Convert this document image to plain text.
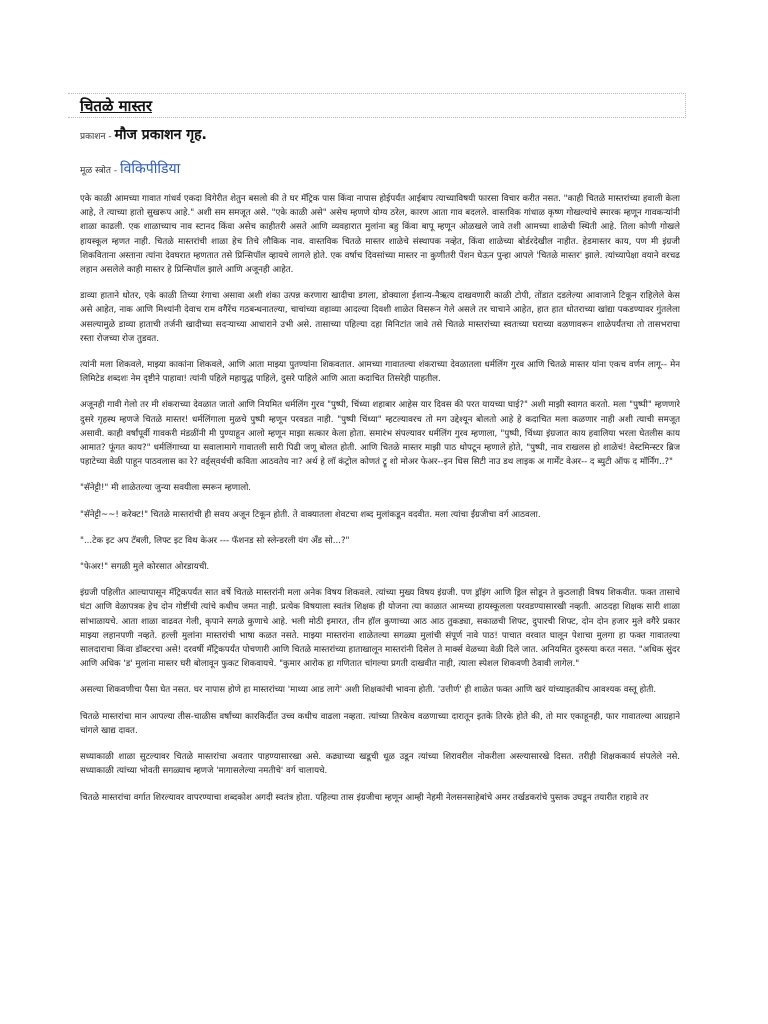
चितळे मास्तर
प्रकाशन - मौज प्रकाशन गृह.
मूळ स्त्रोत - विकिपीडिया

एके काळी आमच्या गावात गांधर्व एकदा विगेरीत शेतुन बसलो की ते घर मॅट्रिक पास किंवा नापास होईपर्यंत आईबाप त्याच्याविषयी फारसा विचार करीत नसत. "काही चितळे मास्तरांच्या हवाली केला आहे, ते त्याच्या हातो सुखरूप आहे." अशी सम समजूत असे. "एके काळी असे" असेच म्हणणे योग्य ठरेल, कारण आता गाव बदलले. वास्तविक गांधाळ कृष्ण गोखल्यांचे स्मारक म्हणून गावकर्‍यांनी शाळा काढली. एक शाळाच्याच नाव स्टानद किंवा असेच काहीतरी असते आणि व्यवहारात मुलांना बहु किंवा बापू म्हणून ओळखले जावे तशी आमच्या शाळेची स्थिती आहे. तिला कोणी गोखले हायस्कूल म्हणत नाही. चितळे मास्तरांची शाळा हेच तिचे लौकिक नाव. वास्तविक चितळे मास्तर शाळेचे संस्थापक नव्हेत, किंवा शाळेच्या बोर्डरदेखील नाहीत. हेडमास्तर काय, पण मी इंग्रजी शिकविताना अस्ताना त्यांना देवघरात म्हणतात तसे प्रिन्सिपॉल व्हायचे लागले होते. एक वर्षाच दिवसांच्या मास्तर ना कुणीतरी पेंशन घेऊन पुन्हा आपले 'चितळे मास्तर' झाले. त्यांच्यापेक्षा वयाने वरचढ लहान असलेले काही मास्तर हे प्रिन्सिपॉल झाले आणि अजूनही आहेत.

डाव्या हाताने धोतर, एके काळी तिच्या रंगाचा असावा अशी शंका उत्पन्न करणारा खादीचा डगला, डोक्याला ईशान्य-नैऋत्य दाखवणारी काळी टोपी, तोंडात दडलेल्या आवाजाने टिकून राहिलेले केस असे आहेत, नाक आणि मिश्यांनी देवाच राम वगैरेंच गठबन्धनातल्या, चाचांच्या वहाव्या आदल्या दिवशी शाळेत विसरून गेले असले तर चाचाने आहेत, हात हात धोतराच्या खांद्या पकडण्यावर गुंतलेला असल्यामुळे डाव्या हाताची तर्जनी खादीच्या सदऱ्याच्या आधाराने उभी असे. तासाच्या पहिल्या दहा मिनिटांत जावे तसे चितळे मास्तरांच्या स्वतःच्या घराच्या वळणावरून शाळेपर्यंतचा तो तासभराचा रस्ता रोजच्या रोज तुडवत.

त्यांनी मला शिकवले, माझ्या काकांना शिकवले, आणि आता माझ्या पुतण्यांना शिकवतात. आमच्या गावातल्या शंकराच्या देवळातला धर्मलिंग गुरव आणि चितळे मास्तर यांना एकच वर्णन लागू-- मेन लिमिटेड शब्दशः नेम दृष्टीने पाहावा! त्यांनी पहिले महायुद्ध पाहिले, दुसरे पाहिले आणि आता कदाचित तिसरेही पाहतील.

अजूनही गावी गेलो तर मी शंकराच्या देवळात जातो आणि नियमित धर्मलिंग गुरव "पुष्पी, चिंध्या शहाबार आहेस यार दिवस की परत यायच्या घाई?" अशी माझी स्वागत करतो. मला "पुष्पी" म्हणणारे दुसरे गृहस्थ म्हणजे चितळे मास्तर! धर्मलिंगाला मुळचे पुष्पी म्हणून परवडत नाही. "पुष्पी चिंध्या" म्हटल्यावरच तो मग उद्देश्यून बोलतो आहे हे कदाचित मला कळणार नाही अशी त्याची समजूत असावी. काही वर्षांपूर्वी गावकरी मंडळींनी मी पुण्याहून आलो म्हणून माझा सत्कार केला होता. समारंभ संपल्यावर धर्मलिंग गुरव म्हणाला, "पुष्पी, चिंध्या इंग्रजात काय हवालिया भरला घेतलीस काय आमात? फूंगत काय?" धर्मलिंगाच्या या सवालामागे गावातली सारी पिढी जणू बोलत होती. आणि चितळे मास्तर माझी पाठ थोपटून म्हणाले होते, "पुष्पी, नाव राखलस हो शाळेचं! वेस्टमिन्स्टर ब्रिज पहाटेच्या वेळी पाहून पाठवलास का रे? वर्ड्‌स्‌वर्थची कविता आठवतेय ना? अर्थ हे लॉ कंट्रोल कोणतं ट्रू शो मोअर फेअर--इन धिस सिटी नाउ डथ लाइक अ गार्मेंट वेअर-- द ब्युटी ऑफ द मॉर्निंग..?"

"सॅनेट्टी!" मी शाळेतल्या जुन्या सवयीला स्मरून म्हणालो.

"सॅनेट्टी~~! करेक्ट!" चितळे मास्तरांची ही सवय अजून टिकून होती. ते वाक्यातला शेवटचा शब्द मुलांकडून वदवीत. मला त्यांचा ईंग्रजीचा वर्ग आठवला.

"...टेक इट अप टॅबली, लिफ्ट इट विथ केअर --- फॅशनड सो स्लेन्डरली यंग अँड सो...?"

"फेअर!" सगळी मुले कोरसात ओरडायची.

इंग्रजी पहिलीत आल्यापासून मॅट्रिकपर्यंत सात वर्षे चितळे मास्तरांनी मला अनेक विषय शिकवले. त्यांच्या मुख्य विषय इंग्रजी. पण ड्रॉइंग आणि ड्रिल सोडून ते कुठलाही विषय शिकवीत. फक्त तासाचे घंटा आणि वेळापत्रक हेच दोन गोष्टींची त्यांचे कधीच जमत नाही. प्रत्येक विषयाला स्वतंत्र शिक्षक ही योजना त्या काळात आमच्या हायस्कूलला परवडण्यासारखी नव्हती. आठदहा शिक्षक सारी शाळा सांभाळायचे. आता शाळा वाढवत गेली, कृपाने सगळे कुणाचे आहे. भली मोठी इमारत, तीन हॉल कुणाच्या आठ आठ तुकड्या, सकाळची शिफ्ट, दुपारची शिफ्ट, दोन दोन हजार मुले वगैरे प्रकार माझ्या लहानपणी नव्हते. हल्ली मुलांना मास्तरांची भाषा कळत नसते. माझ्या मास्तरांना शाळेतल्या सगळ्या मुलांची संपूर्ण नावे पाठ! पाचात वरवात घालून पेशाचा मुलगा हा फक्त गावातल्या सालदाराचा किंवा डॉक्टरचा असे! दरवर्षी मॅट्रिकपर्यंत पोचणारी आणि चितळे मास्तरांच्या हाताखालून मास्तरांनी दिसेल ते मार्क्स वेळच्या वेळी दिले जात. अनियमित दुरुस्त्या करत नसत. "अधिक सुंदर आणि अधिक 'ड' मुलांना मास्तर घरी बोलावून फुकट शिकवायचे. "कुमार आरोक हा गणितात चांगल्या प्रगती दाखवीत नाही, त्याला स्पेशल शिकवणी ठेवावी लागेल."

असल्या शिकवणीचा पैसा घेत नसत. घर नापास होणे हा मास्तरांच्या 'माथ्या आड लागे' अशी शिक्षकांची भावना होती. 'उत्तीर्ण' ही शाळेत फक्त आणि खरं यांच्याइतकीच आवश्यक वस्तू होती.

चितळे मास्तरांचा मान आपल्या तीस-चाळीस वर्षांच्या कारकिर्दीत उच्च कधीच वाढला नव्हता. त्यांच्या तिरकेच वळणाच्या दारातून इतके तिरके होते की, तो मार एकाहूनही, फार गावातल्या आग्रहाने चांगले खाद्य दावत.

सध्याकाळी शाळा सुटल्यावर चितळे मास्तरांचा अवतार पाहण्यासारखा असे. कढ्याच्या खडूची धूळ उडून त्यांच्या शिरावरील नोकरीला अस्ल्यासारखे दिसत. तरीही शिक्षककार्य संपलेले नसे. सध्याकाळी त्यांच्या भोवती सगळ्याच म्हणजे 'मागासलेल्या नमतीचे' वर्ग चालायचे.

चितळे मास्तरांचा वर्गात शिरल्यावर वापरण्याचा शब्दकोश अगदी स्वतंत्र होता. पहिल्या तास इंग्रजीचा म्हणून आम्ही नेहमी नेलसनसाहेबांचे अमर तर्खडकरांचे पुस्तक उघडून तयारीत राहावे तर
